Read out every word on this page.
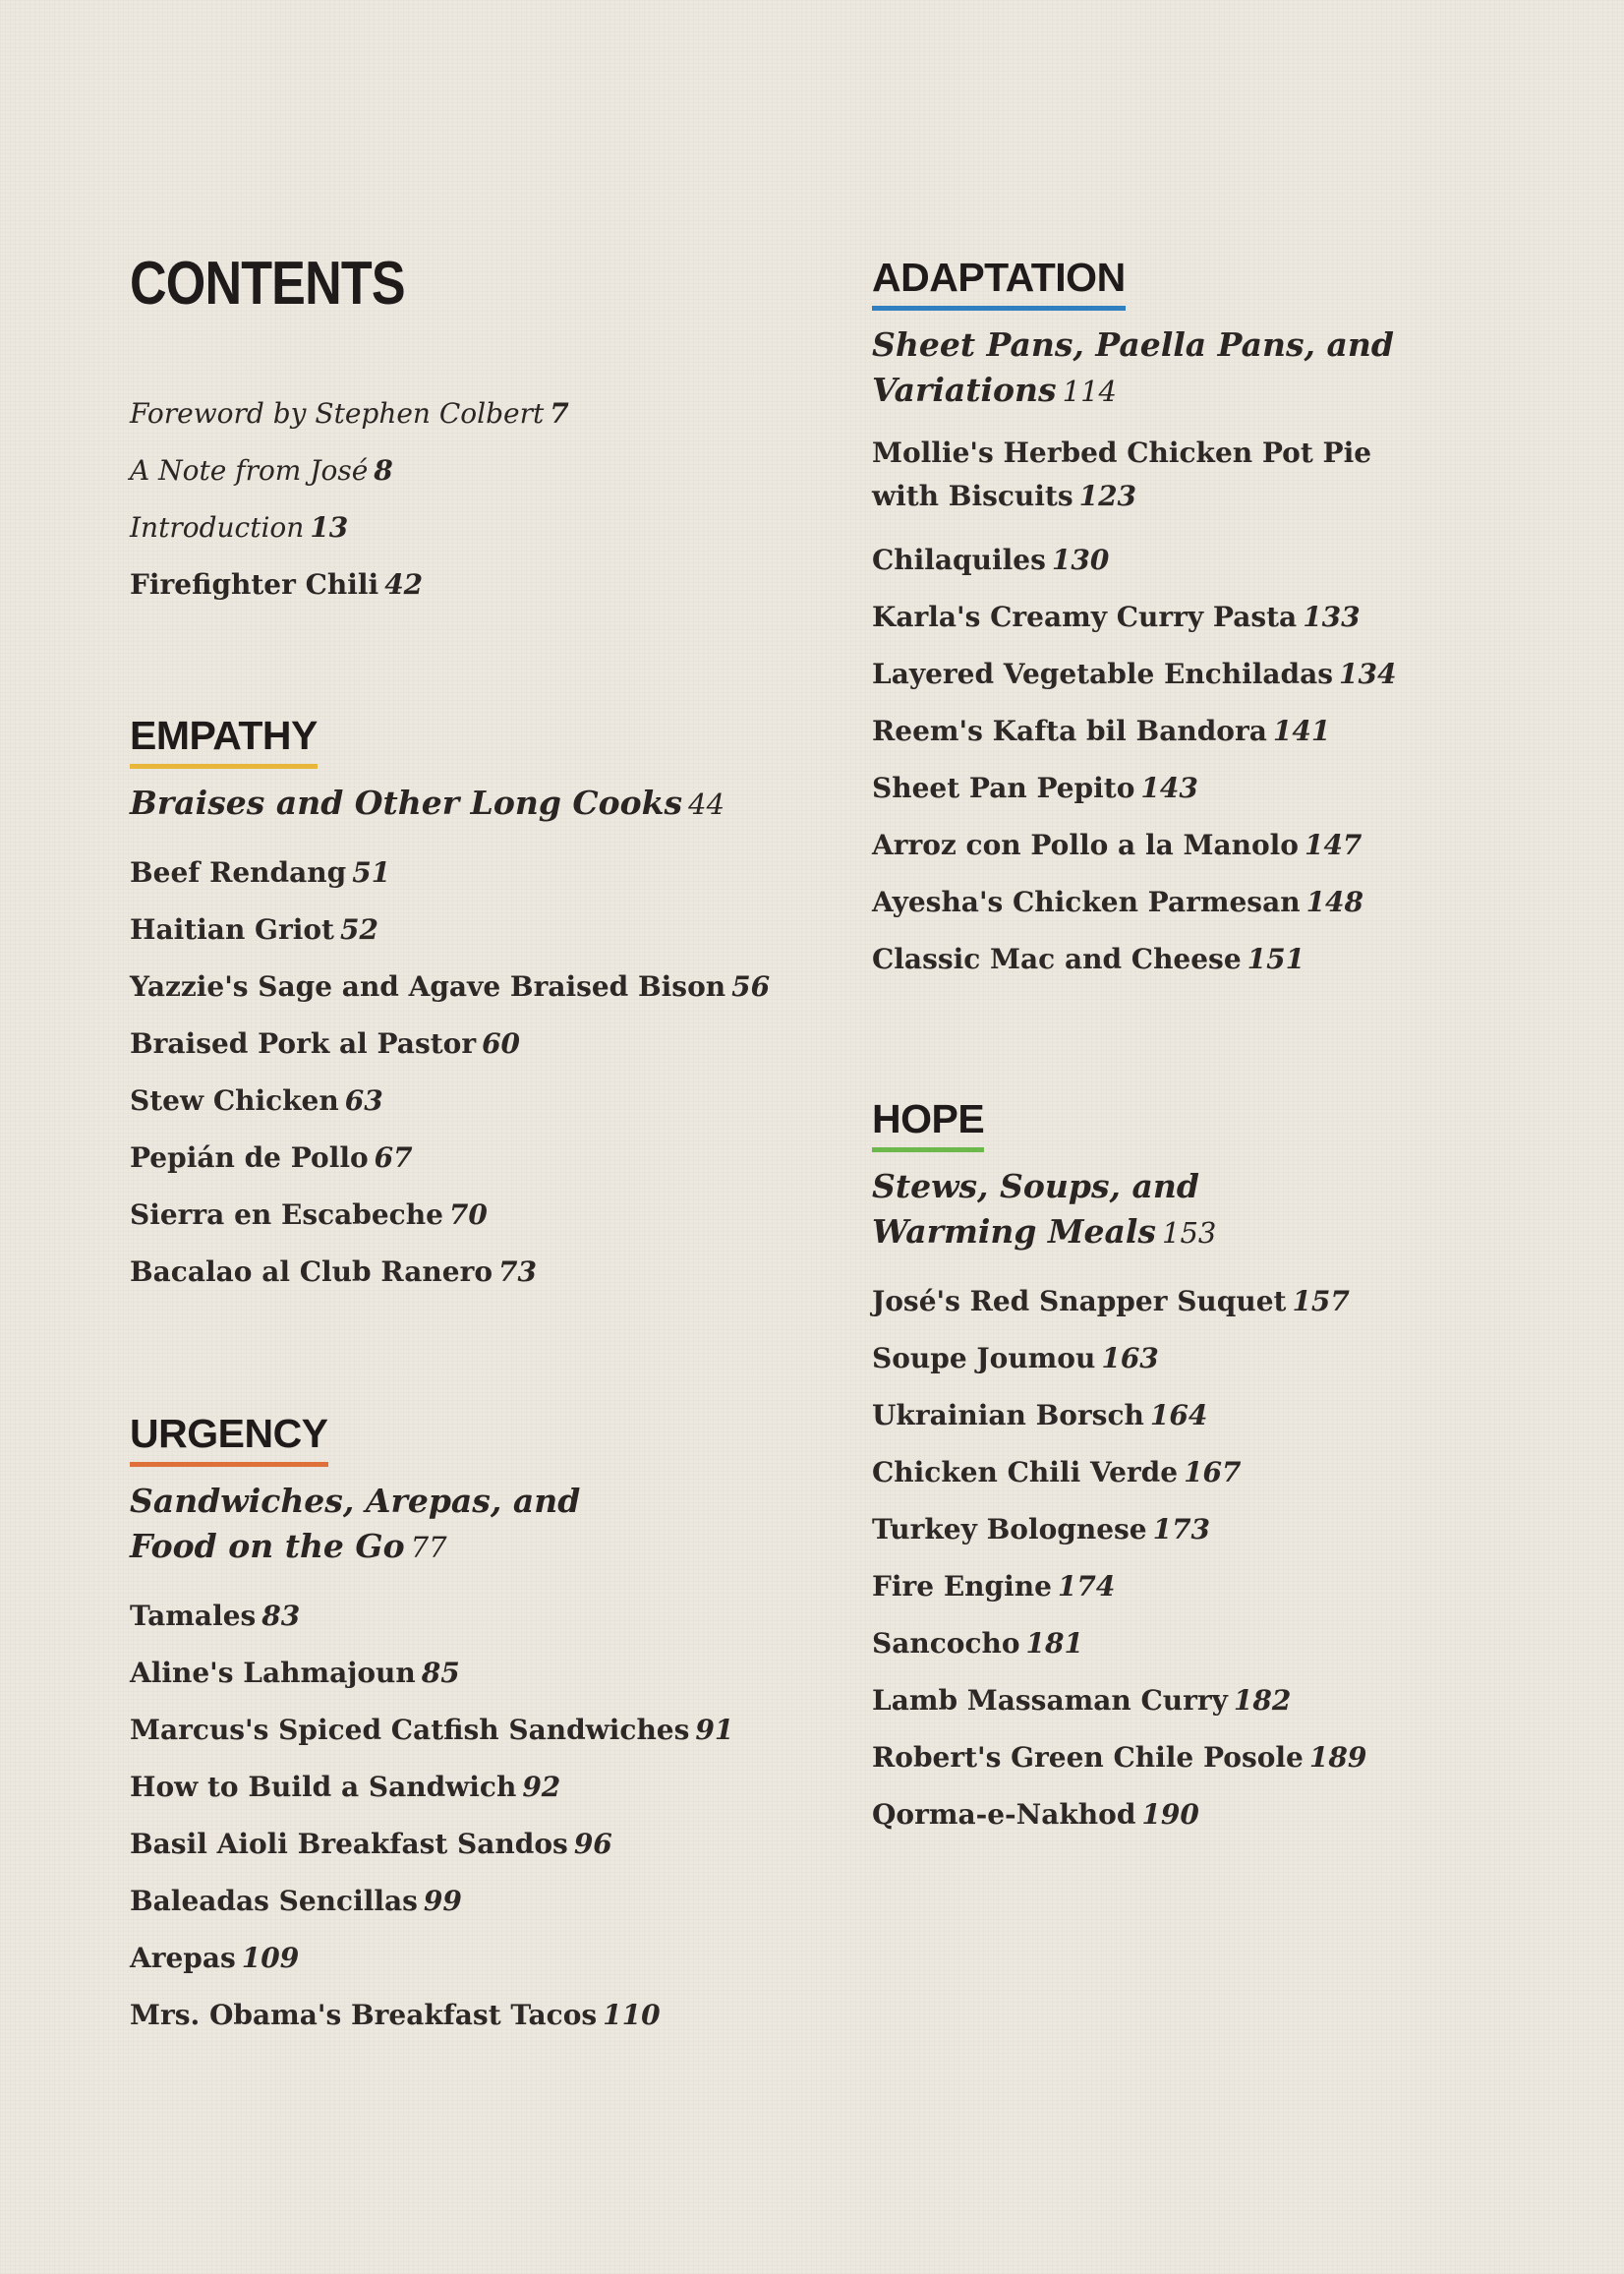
CONTENTS
Foreword by Stephen Colbert 7
A Note from José 8
Introduction 13
Firefighter Chili 42
EMPATHY
Braises and Other Long Cooks 44
Beef Rendang 51
Haitian Griot 52
Yazzie's Sage and Agave Braised Bison 56
Braised Pork al Pastor 60
Stew Chicken 63
Pepián de Pollo 67
Sierra en Escabeche 70
Bacalao al Club Ranero 73
URGENCY
Sandwiches, Arepas, and
Food on the Go 77
Tamales 83
Aline's Lahmajoun 85
Marcus's Spiced Catfish Sandwiches 91
How to Build a Sandwich 92
Basil Aioli Breakfast Sandos 96
Baleadas Sencillas 99
Arepas 109
Mrs. Obama's Breakfast Tacos 110
ADAPTATION
Sheet Pans, Paella Pans, and
Variations 114
Mollie's Herbed Chicken Pot Pie
with Biscuits 123
Chilaquiles 130
Karla's Creamy Curry Pasta 133
Layered Vegetable Enchiladas 134
Reem's Kafta bil Bandora 141
Sheet Pan Pepito 143
Arroz con Pollo a la Manolo 147
Ayesha's Chicken Parmesan 148
Classic Mac and Cheese 151
HOPE
Stews, Soups, and
Warming Meals 153
José's Red Snapper Suquet 157
Soupe Joumou 163
Ukrainian Borsch 164
Chicken Chili Verde 167
Turkey Bolognese 173
Fire Engine 174
Sancocho 181
Lamb Massaman Curry 182
Robert's Green Chile Posole 189
Qorma-e-Nakhod 190
